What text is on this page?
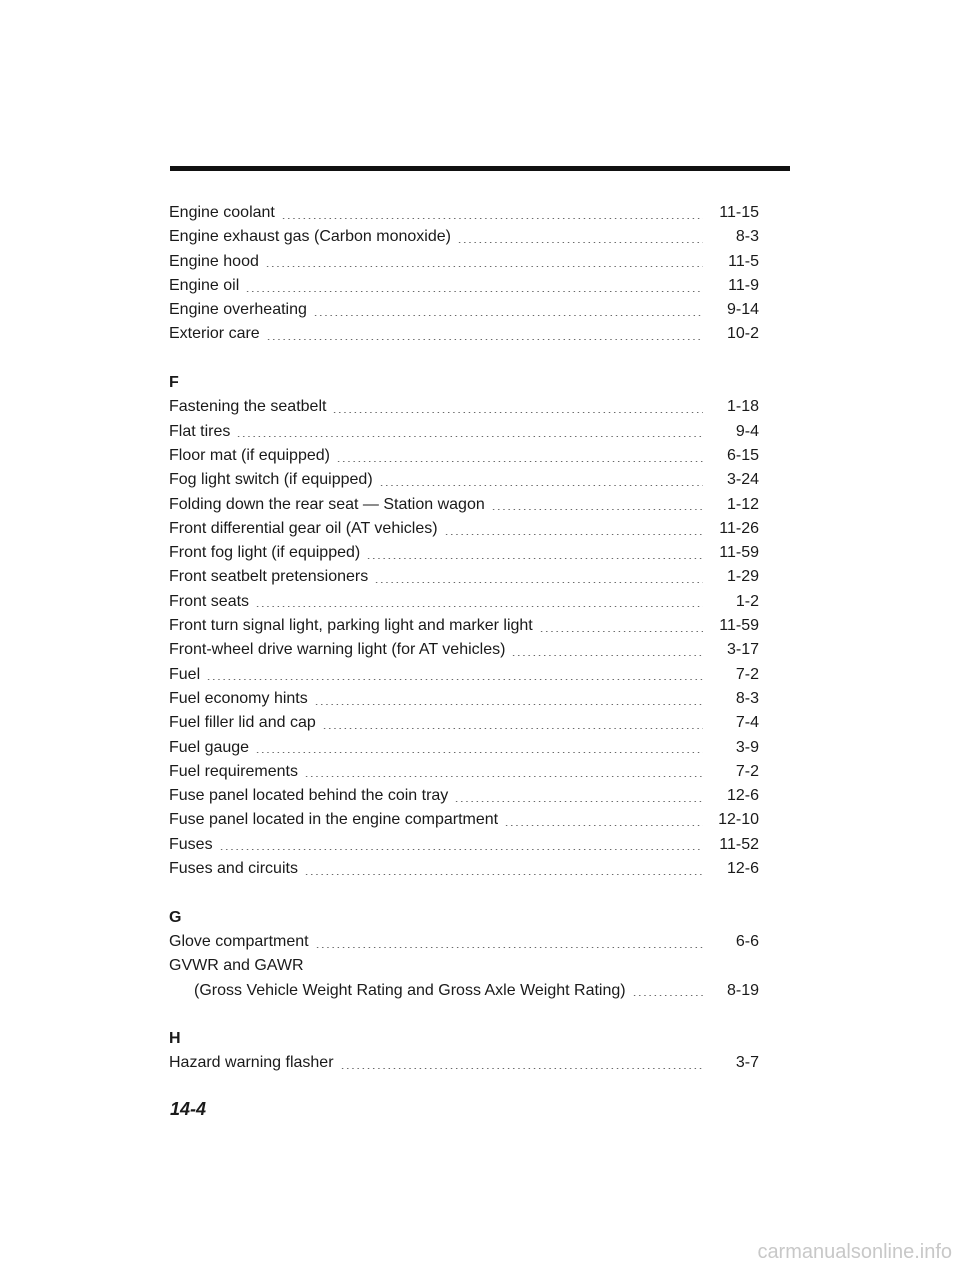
Engine coolant	11-15
Engine exhaust gas (Carbon monoxide)	8-3
Engine hood	11-5
Engine oil	11-9
Engine overheating	9-14
Exterior care	10-2
F
Fastening the seatbelt	1-18
Flat tires	9-4
Floor mat (if equipped)	6-15
Fog light switch (if equipped)	3-24
Folding down the rear seat — Station wagon	1-12
Front differential gear oil (AT vehicles)	11-26
Front fog light (if equipped)	11-59
Front seatbelt pretensioners	1-29
Front seats	1-2
Front turn signal light, parking light and marker light	11-59
Front-wheel drive warning light (for AT vehicles)	3-17
Fuel	7-2
Fuel economy hints	8-3
Fuel filler lid and cap	7-4
Fuel gauge	3-9
Fuel requirements	7-2
Fuse panel located behind the coin tray	12-6
Fuse panel located in the engine compartment	12-10
Fuses	11-52
Fuses and circuits	12-6
G
Glove compartment	6-6
GVWR and GAWR
(Gross Vehicle Weight Rating and Gross Axle Weight Rating)	8-19
H
Hazard warning flasher	3-7
14-4
carmanualsonline.info
